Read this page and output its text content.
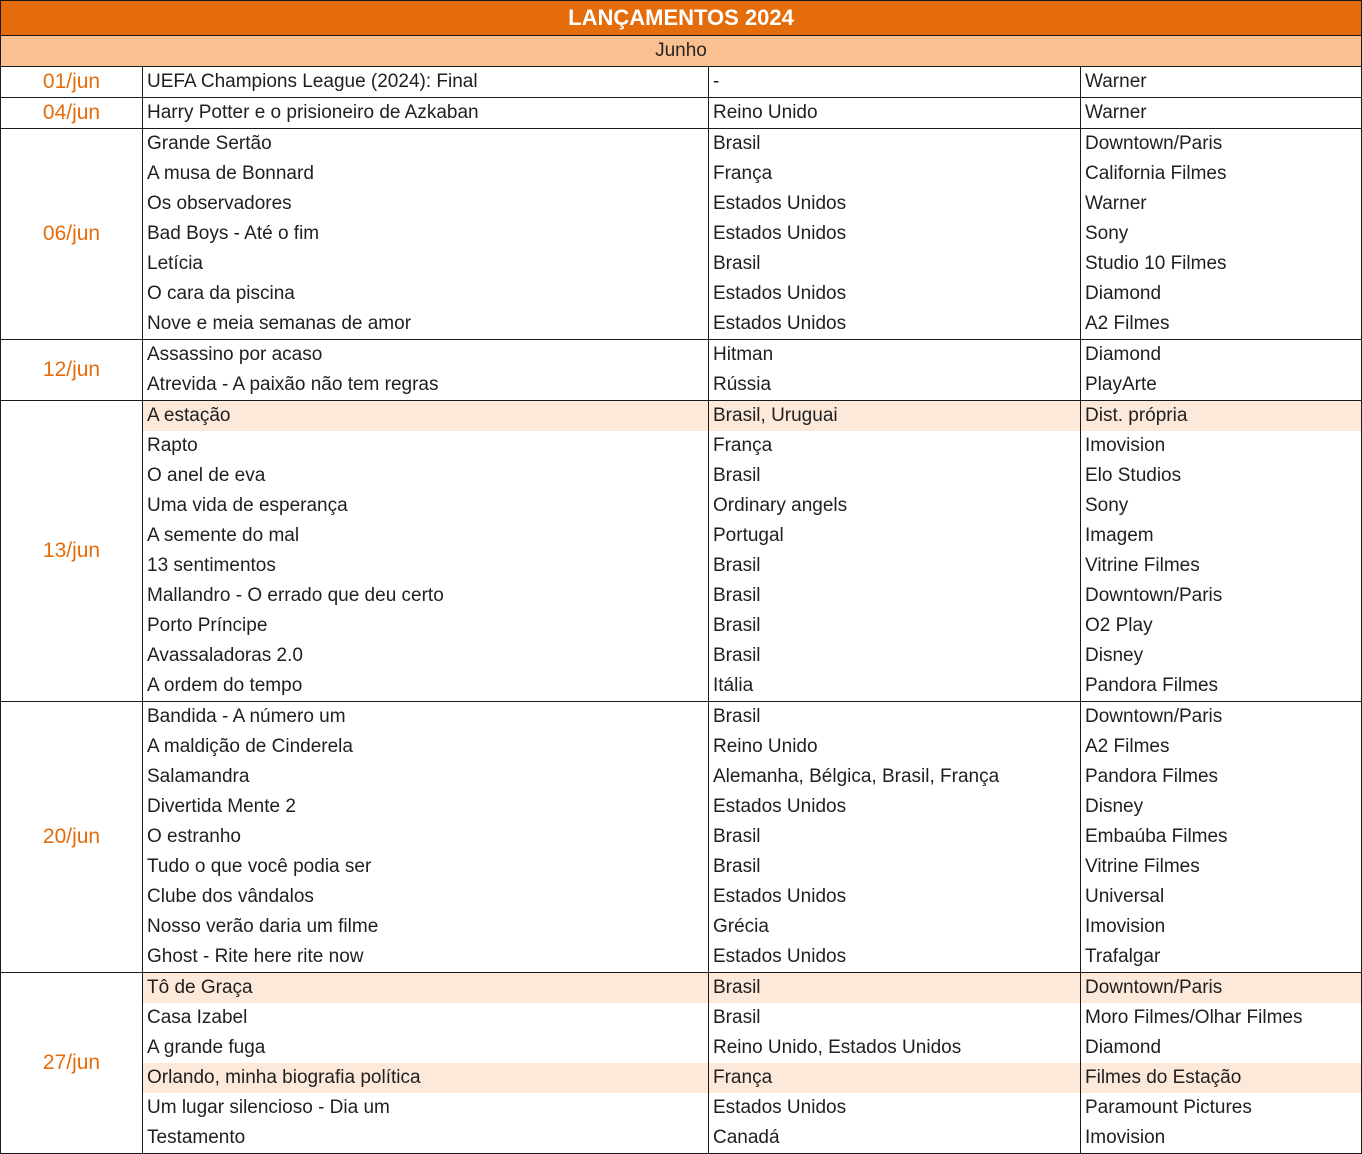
LANÇAMENTOS 2024			
Junho			
01/jun	UEFA Champions League (2024): Final	-	Warner
04/jun	Harry Potter e o prisioneiro de Azkaban	Reino Unido	Warner
06/jun	Grande Sertão	Brasil	Downtown/Paris
	A musa de Bonnard	França	California Filmes
	Os observadores	Estados Unidos	Warner
	Bad Boys - Até o fim	Estados Unidos	Sony
	Letícia	Brasil	Studio 10 Filmes
	O cara da piscina	Estados Unidos	Diamond
	Nove e meia semanas de amor	Estados Unidos	A2 Filmes
12/jun	Assassino por acaso	Hitman	Diamond
	Atrevida - A paixão não tem regras	Rússia	PlayArte
13/jun	A estação	Brasil, Uruguai	Dist. própria
	Rapto	França	Imovision
	O anel de eva	Brasil	Elo Studios
	Uma vida de esperança	Ordinary angels	Sony
	A semente do mal	Portugal	Imagem
	13 sentimentos	Brasil	Vitrine Filmes
	Mallandro - O errado que deu certo	Brasil	Downtown/Paris
	Porto Príncipe	Brasil	O2 Play
	Avassaladoras 2.0	Brasil	Disney
	A ordem do tempo	Itália	Pandora Filmes
20/jun	Bandida - A número um	Brasil	Downtown/Paris
	A maldição de Cinderela	Reino Unido	A2 Filmes
	Salamandra	Alemanha, Bélgica, Brasil, França	Pandora Filmes
	Divertida Mente 2	Estados Unidos	Disney
	O estranho	Brasil	Embaúba Filmes
	Tudo o que você podia ser	Brasil	Vitrine Filmes
	Clube dos vândalos	Estados Unidos	Universal
	Nosso verão daria um filme	Grécia	Imovision
	Ghost - Rite here rite now	Estados Unidos	Trafalgar
27/jun	Tô de Graça	Brasil	Downtown/Paris
	Casa Izabel	Brasil	Moro Filmes/Olhar Filmes
	A grande fuga	Reino Unido, Estados Unidos	Diamond
	Orlando, minha biografia política	França	Filmes do Estação
	Um lugar silencioso - Dia um	Estados Unidos	Paramount Pictures
	Testamento	Canadá	Imovision
